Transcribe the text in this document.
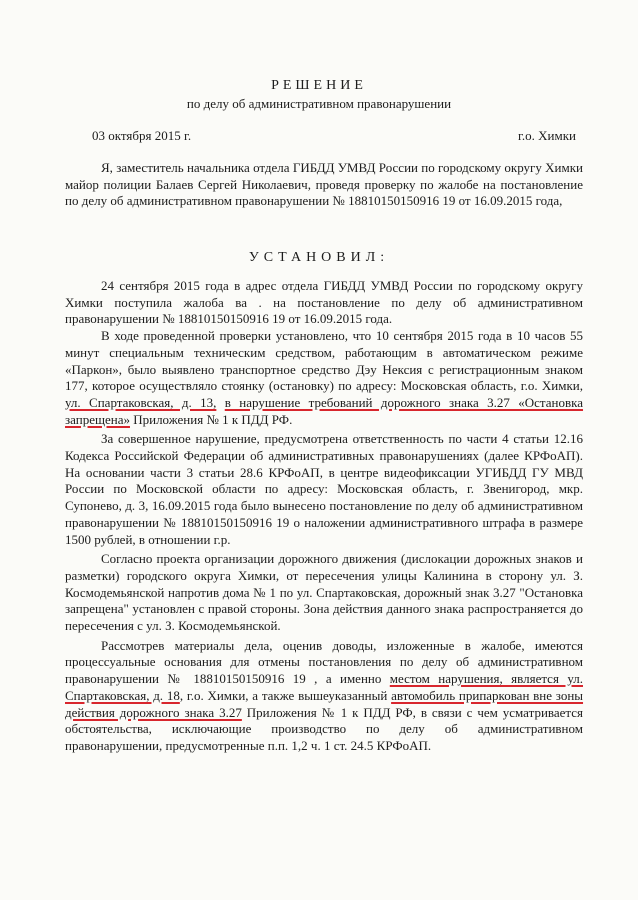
РЕШЕНИЕ
по делу об административном правонарушении
03 октября 2015 г.	г.о. Химки

Я, заместитель начальника отдела ГИБДД УМВД России по городскому округу Химки майор полиции Балаев Сергей Николаевич, проведя проверку по жалобе на постановление по делу об административном правонарушении № 18810150150916 19 от 16.09.2015 года,

УСТАНОВИЛ:

24 сентября 2015 года в адрес отдела ГИБДД УМВД России по городскому округу Химки поступила жалоба ва . на постановление по делу об административном правонарушении № 18810150150916 19 от 16.09.2015 года.

В ходе проведенной проверки установлено, что 10 сентября 2015 года в 10 часов 55 минут специальным техническим средством, работающим в автоматическом режиме «Паркон», было выявлено транспортное средство Дэу Нексия с регистрационным знаком 177, которое осуществляло стоянку (остановку) по адресу: Московская область, г.о. Химки, ул. Спартаковская, д. 13, в нарушение требований дорожного знака 3.27 «Остановка запрещена» Приложения № 1 к ПДД РФ.

За совершенное нарушение, предусмотрена ответственность по части 4 статьи 12.16 Кодекса Российской Федерации об административных правонарушениях (далее КРФоАП). На основании части 3 статьи 28.6 КРФоАП, в центре видеофиксации УГИБДД ГУ МВД России по Московской области по адресу: Московская область, г. Звенигород, мкр. Супонево, д. 3, 16.09.2015 года было вынесено постановление по делу об административном правонарушении № 18810150150916 19 о наложении административного штрафа в размере 1500 рублей, в отношении г.р.

Согласно проекта организации дорожного движения (дислокации дорожных знаков и разметки) городского округа Химки, от пересечения улицы Калинина в сторону ул. З. Космодемьянской напротив дома № 1 по ул. Спартаковская, дорожный знак 3.27 "Остановка запрещена" установлен с правой стороны. Зона действия данного знака распространяется до пересечения с ул. З. Космодемьянской.

Рассмотрев материалы дела, оценив доводы, изложенные в жалобе, имеются процессуальные основания для отмены постановления по делу об административном правонарушении № 18810150150916 19 , а именно местом нарушения, является ул. Спартаковская, д. 18, г.о. Химки, а также вышеуказанный автомобиль припаркован вне зоны действия дорожного знака 3.27 Приложения № 1 к ПДД РФ, в связи с чем усматривается обстоятельства, исключающие производство по делу об административном правонарушении, предусмотренные п.п. 1,2 ч. 1 ст. 24.5 КРФоАП.
